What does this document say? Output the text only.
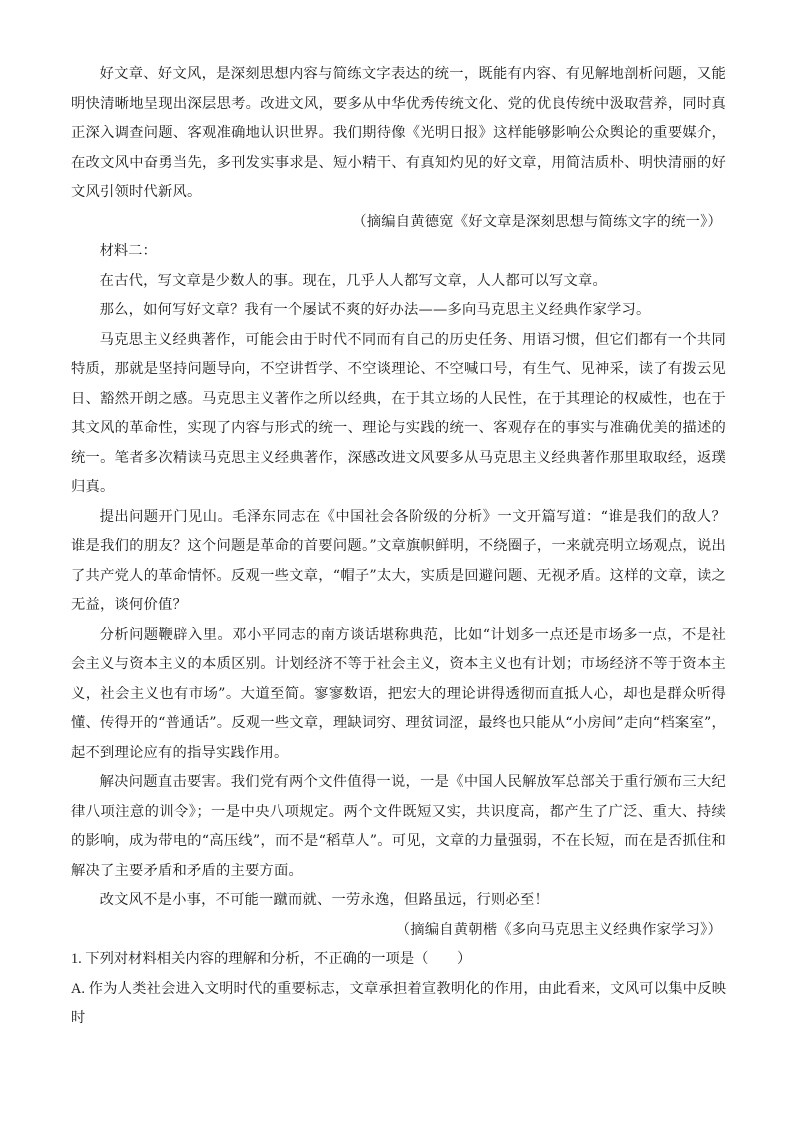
好文章、好文风，是深刻思想内容与简练文字表达的统一，既能有内容、有见解地剖析问题，又能明快清晰地呈现出深层思考。改进文风，要多从中华优秀传统文化、党的优良传统中汲取营养，同时真正深入调查问题、客观准确地认识世界。我们期待像《光明日报》这样能够影响公众舆论的重要媒介，在改文风中奋勇当先，多刊发实事求是、短小精干、有真知灼见的好文章，用简洁质朴、明快清丽的好文风引领时代新风。

（摘编自黄德宽《好文章是深刻思想与简练文字的统一》）

材料二：

在古代，写文章是少数人的事。现在，几乎人人都写文章，人人都可以写文章。

那么，如何写好文章？我有一个屡试不爽的好办法——多向马克思主义经典作家学习。

马克思主义经典著作，可能会由于时代不同而有自己的历史任务、用语习惯，但它们都有一个共同特质，那就是坚持问题导向，不空讲哲学、不空谈理论、不空喊口号，有生气、见神采，读了有拨云见日、豁然开朗之感。马克思主义著作之所以经典，在于其立场的人民性，在于其理论的权威性，也在于其文风的革命性，实现了内容与形式的统一、理论与实践的统一、客观存在的事实与准确优美的描述的统一。笔者多次精读马克思主义经典著作，深感改进文风要多从马克思主义经典著作那里取取经，返璞归真。

提出问题开门见山。毛泽东同志在《中国社会各阶级的分析》一文开篇写道：“谁是我们的敌人？谁是我们的朋友？这个问题是革命的首要问题。”文章旗帜鲜明，不绕圈子，一来就亮明立场观点，说出了共产党人的革命情怀。反观一些文章，“帽子”太大，实质是回避问题、无视矛盾。这样的文章，读之无益，谈何价值？

分析问题鞭辟入里。邓小平同志的南方谈话堪称典范，比如“计划多一点还是市场多一点，不是社会主义与资本主义的本质区别。计划经济不等于社会主义，资本主义也有计划；市场经济不等于资本主义，社会主义也有市场”。大道至简。寥寥数语，把宏大的理论讲得透彻而直抵人心，却也是群众听得懂、传得开的“普通话”。反观一些文章，理缺词穷、理贫词涩，最终也只能从“小房间”走向“档案室”，起不到理论应有的指导实践作用。

解决问题直击要害。我们党有两个文件值得一说，一是《中国人民解放军总部关于重行颁布三大纪律八项注意的训令》；一是中央八项规定。两个文件既短又实，共识度高，都产生了广泛、重大、持续的影响，成为带电的“高压线”，而不是“稻草人”。可见，文章的力量强弱，不在长短，而在是否抓住和解决了主要矛盾和矛盾的主要方面。

改文风不是小事，不可能一蹴而就、一劳永逸，但路虽远，行则必至！

（摘编自黄朝楷《多向马克思主义经典作家学习》）

1. 下列对材料相关内容的理解和分析，不正确的一项是（　　）

A. 作为人类社会进入文明时代的重要标志，文章承担着宣教明化的作用，由此看来，文风可以集中反映时
